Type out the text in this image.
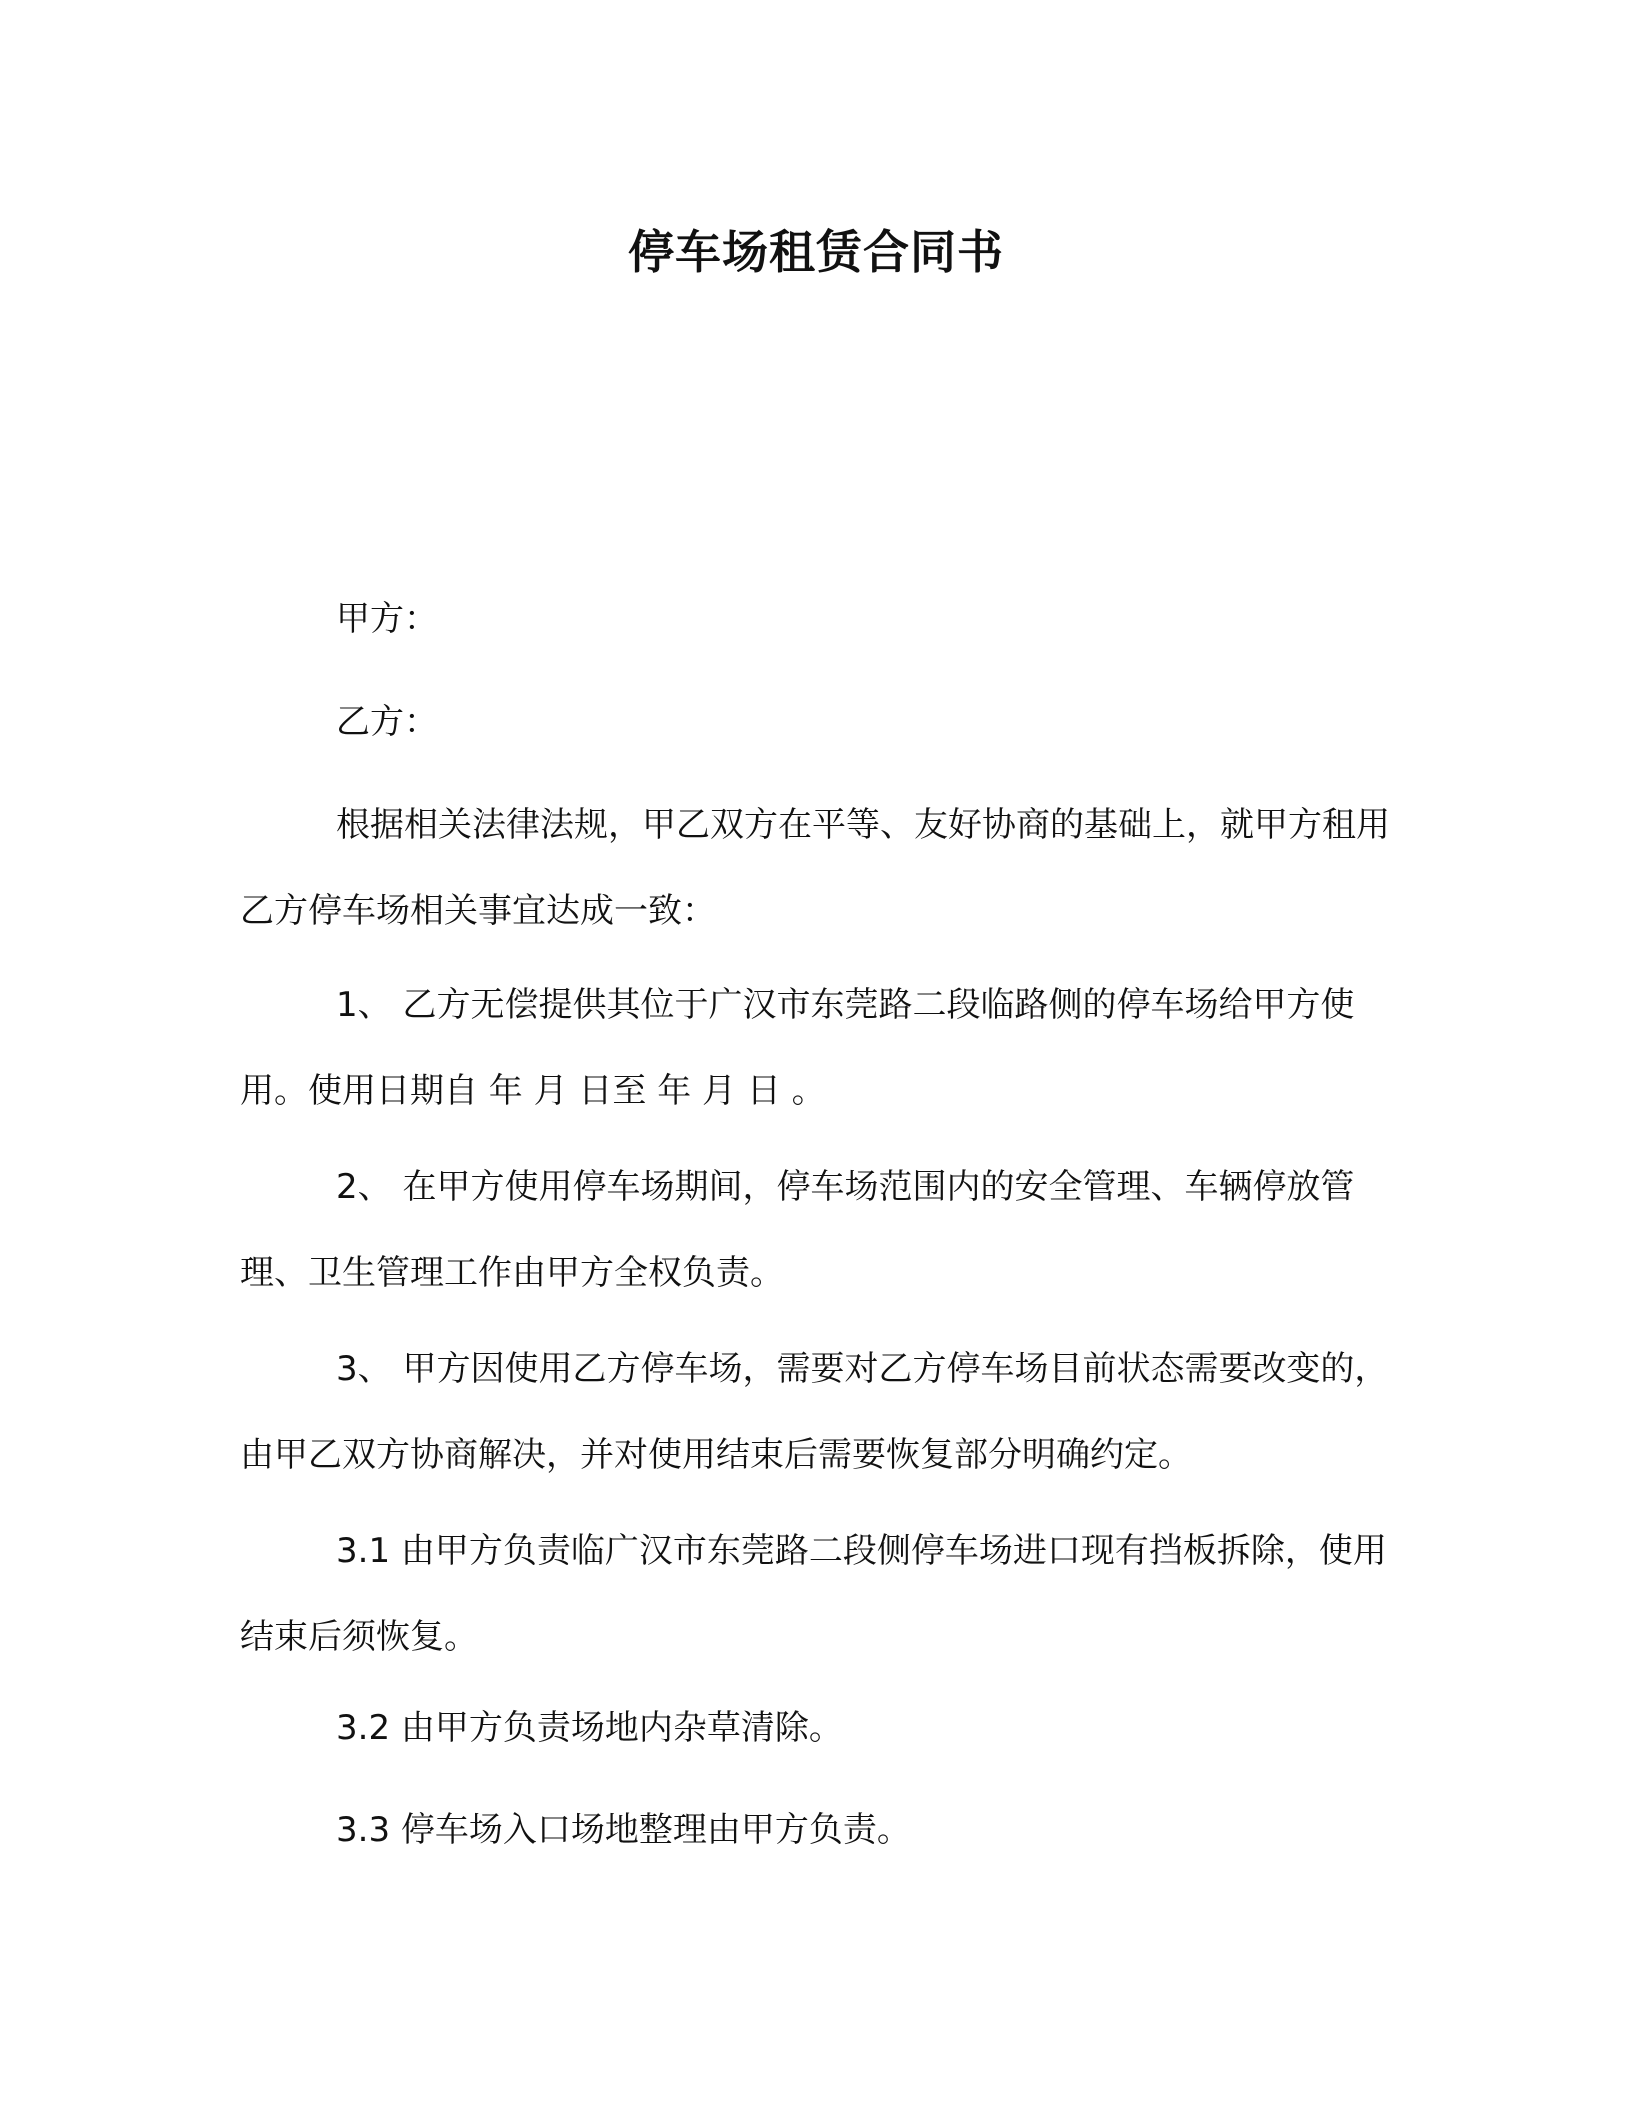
停车场租赁合同书
甲方：
乙方：

根据相关法律法规，甲乙双方在平等、友好协商的基础上，就甲方租用乙方停车场相关事宜达成一致：

1、 乙方无偿提供其位于广汉市东莞路二段临路侧的停车场给甲方使用。使用日期自 年 月 日至 年 月 日 。

2、 在甲方使用停车场期间，停车场范围内的安全管理、车辆停放管理、卫生管理工作由甲方全权负责。

3、 甲方因使用乙方停车场，需要对乙方停车场目前状态需要改变的，由甲乙双方协商解决，并对使用结束后需要恢复部分明确约定。

3.1 由甲方负责临广汉市东莞路二段侧停车场进口现有挡板拆除，使用结束后须恢复。

3.2 由甲方负责场地内杂草清除。
3.3 停车场入口场地整理由甲方负责。
